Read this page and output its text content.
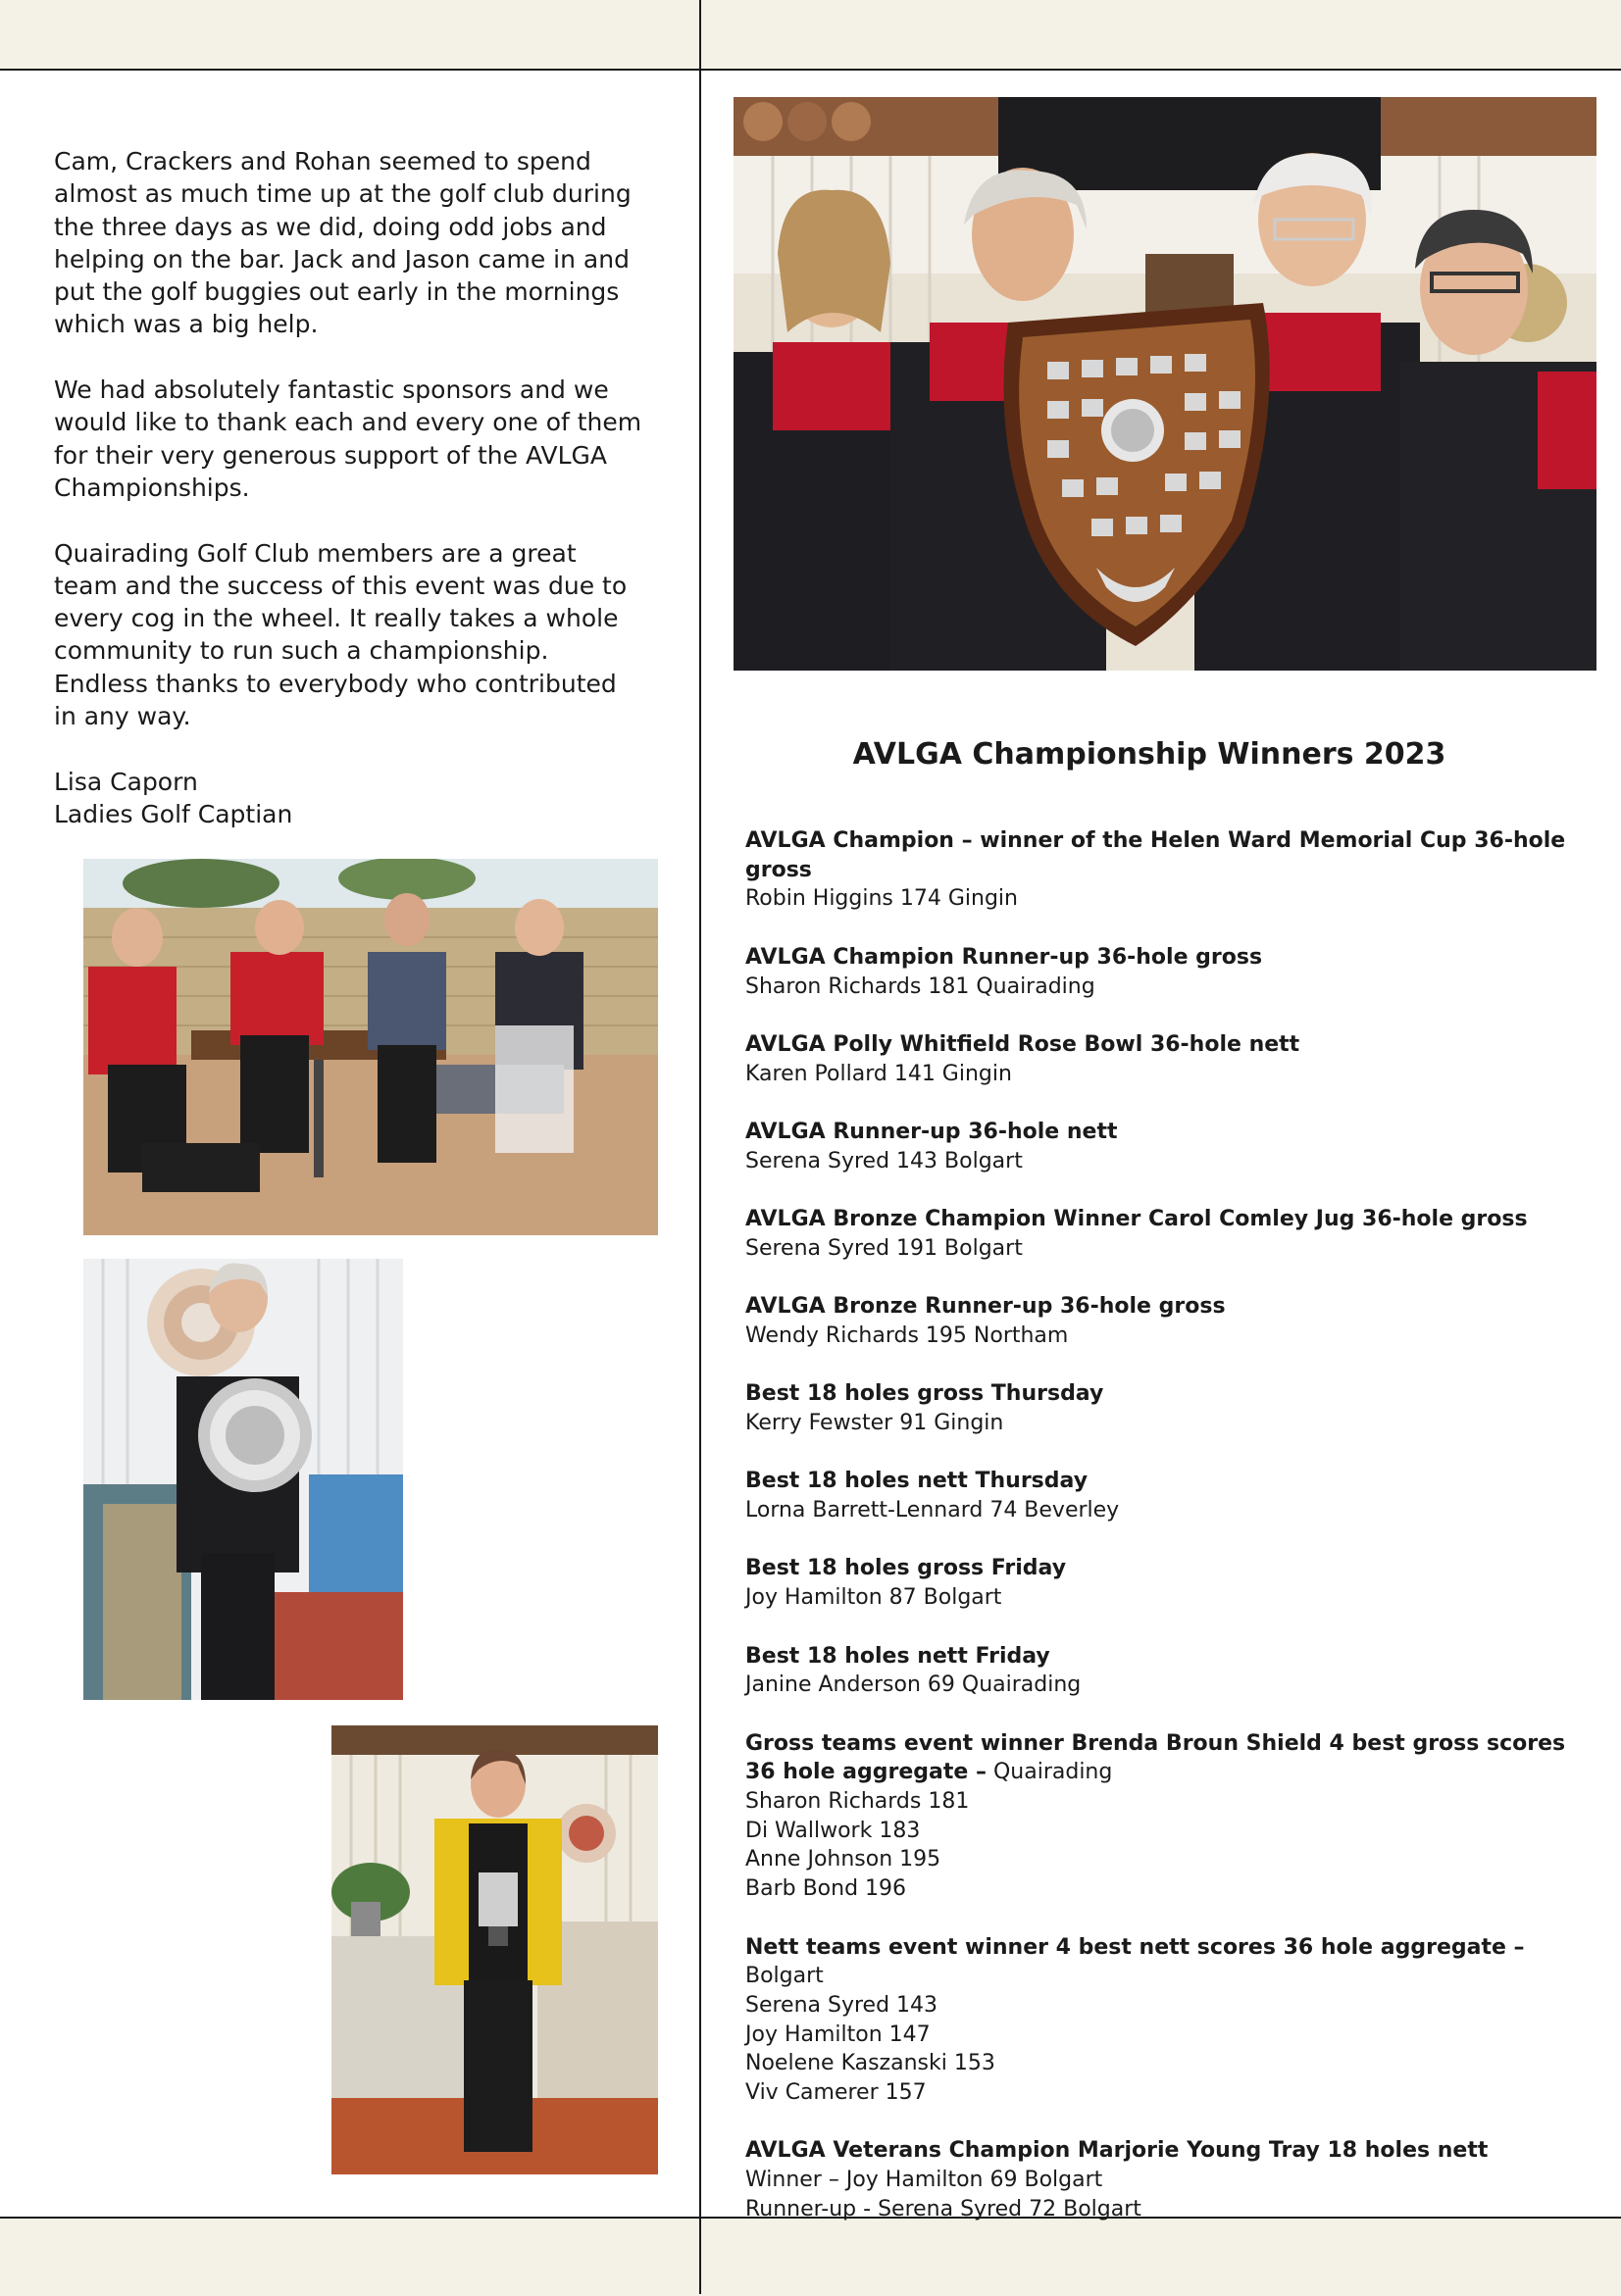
Cam, Crackers and Rohan seemed to spend almost as much time up at the golf club during the three days as we did, doing odd jobs and helping on the bar. Jack and Jason came in and put the golf buggies out early in the mornings which was a big help.

We had absolutely fantastic sponsors and we would like to thank each and every one of them for their very generous support of the AVLGA Championships.

Quairading Golf Club members are a great team and the success of this event was due to every cog in the wheel. It really takes a whole community to run such a championship. Endless thanks to everybody who contributed in any way.

Lisa Caporn

Ladies Golf Captian

AVLGA Championship Winners 2023
AVLGA Champion – winner of the Helen Ward Memorial Cup 36-hole gross
Robin Higgins 174 Gingin
AVLGA Champion Runner-up 36-hole gross
Sharon Richards 181 Quairading
AVLGA Polly Whitfield Rose Bowl 36-hole nett
Karen Pollard 141 Gingin
AVLGA Runner-up 36-hole nett
Serena Syred 143 Bolgart
AVLGA Bronze Champion Winner Carol Comley Jug 36-hole gross
Serena Syred 191 Bolgart
AVLGA Bronze Runner-up 36-hole gross
Wendy Richards 195 Northam
Best 18 holes gross Thursday
Kerry Fewster 91 Gingin
Best 18 holes nett Thursday
Lorna Barrett-Lennard 74 Beverley
Best 18 holes gross Friday
Joy Hamilton 87 Bolgart
Best 18 holes nett Friday
Janine Anderson 69 Quairading
Gross teams event winner Brenda Broun Shield 4 best gross scores 36 hole aggregate – Quairading
Sharon Richards 181
Di Wallwork 183
Anne Johnson 195
Barb Bond 196
Nett teams event winner 4 best nett scores 36 hole aggregate – Bolgart
Serena Syred 143
Joy Hamilton 147
Noelene Kaszanski 153
Viv Camerer 157
AVLGA Veterans Champion Marjorie Young Tray 18 holes nett
Winner – Joy Hamilton 69 Bolgart
Runner-up - Serena Syred 72 Bolgart
